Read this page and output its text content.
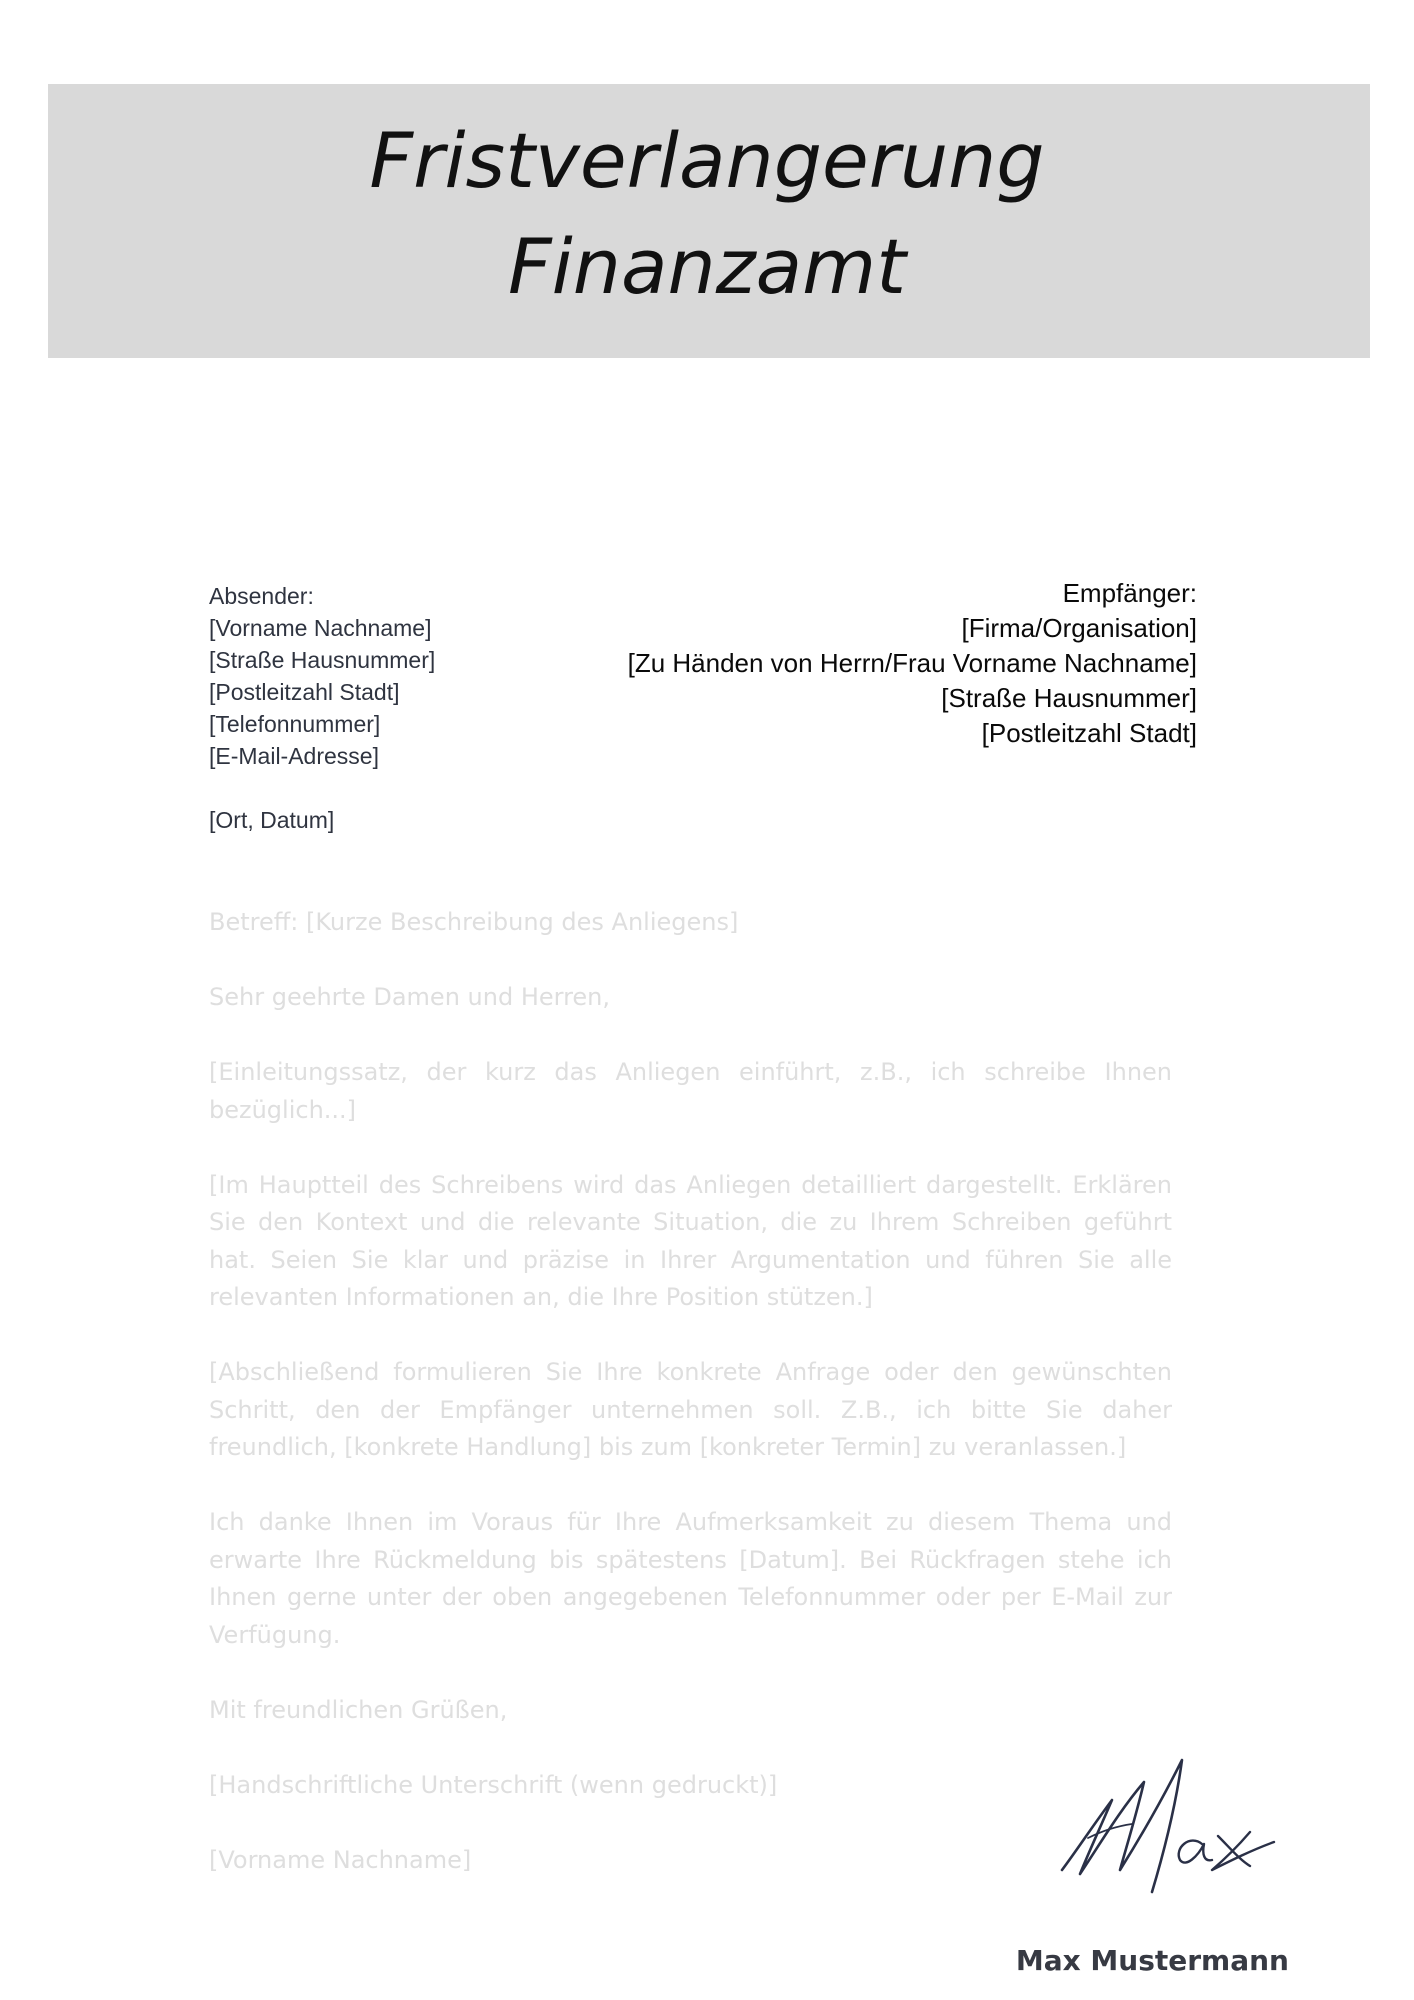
Fristverlangerung
Finanzamt
Absender:
[Vorname Nachname]
[Straße Hausnummer]
[Postleitzahl Stadt]
[Telefonnummer]
[E-Mail-Adresse]
[Ort, Datum]
Empfänger:
[Firma/Organisation]
[Zu Händen von Herrn/Frau Vorname Nachname]
[Straße Hausnummer]
[Postleitzahl Stadt]

Betreff: [Kurze Beschreibung des Anliegens]

Sehr geehrte Damen und Herren,

[Einleitungssatz, der kurz das Anliegen einführt, z.B., ich schreibe Ihnen bezüglich...]

[Im Hauptteil des Schreibens wird das Anliegen detailliert dargestellt. Erklären Sie den Kontext und die relevante Situation, die zu Ihrem Schreiben geführt hat. Seien Sie klar und präzise in Ihrer Argumentation und führen Sie alle relevanten Informationen an, die Ihre Position stützen.]

[Abschließend formulieren Sie Ihre konkrete Anfrage oder den gewünschten Schritt, den der Empfänger unternehmen soll. Z.B., ich bitte Sie daher freundlich, [konkrete Handlung] bis zum [konkreter Termin] zu veranlassen.]

Ich danke Ihnen im Voraus für Ihre Aufmerksamkeit zu diesem Thema und erwarte Ihre Rückmeldung bis spätestens [Datum]. Bei Rückfragen stehe ich Ihnen gerne unter der oben angegebenen Telefonnummer oder per E-Mail zur Verfügung.

Mit freundlichen Grüßen,

[Handschriftliche Unterschrift (wenn gedruckt)]

[Vorname Nachname]

Max Mustermann
